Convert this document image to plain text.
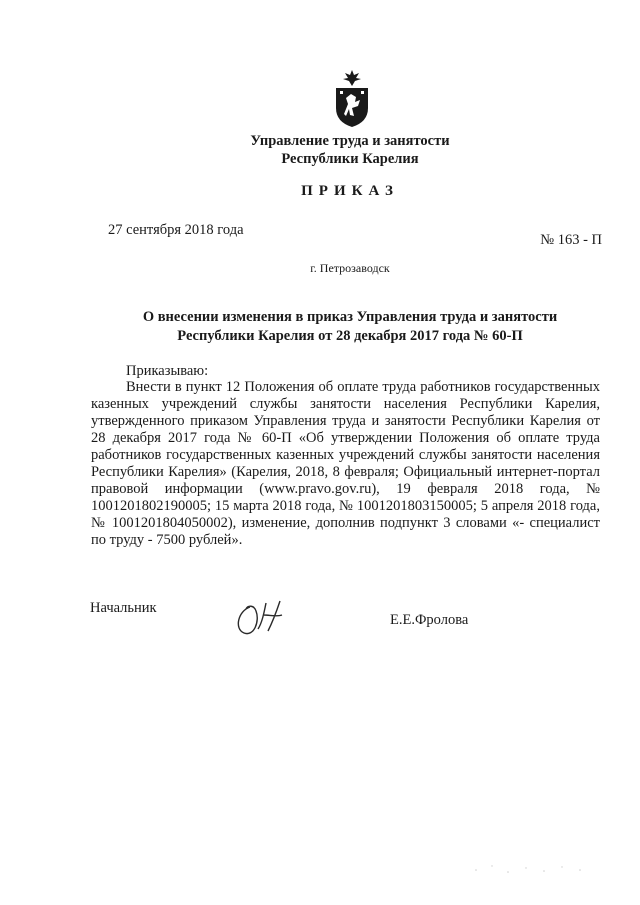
Управление труда и занятости
Республики Карелия
ПРИКАЗ
27 сентября 2018 года
№ 163 - П
г. Петрозаводск
О внесении изменения в приказ Управления труда и занятости
Республики Карелия от 28 декабря 2017 года № 60-П
Приказываю:
Внести в пункт 12 Положения об оплате труда работников государственных казенных учреждений службы занятости населения Республики Карелия, утвержденного приказом Управления труда и занятости Республики Карелия от 28 декабря 2017 года № 60-П «Об утверждении Положения об оплате труда работников государственных казенных учреждений службы занятости населения Республики Карелия» (Карелия, 2018, 8 февраля; Официальный интернет-портал правовой информации (www.pravo.gov.ru), 19 февраля 2018 года, № 1001201802190005; 15 марта 2018 года, № 1001201803150005; 5 апреля 2018 года, № 1001201804050002), изменение, дополнив подпункт 3 словами «- специалист по труду - 7500 рублей».
Начальник
Е.Е.Фролова
